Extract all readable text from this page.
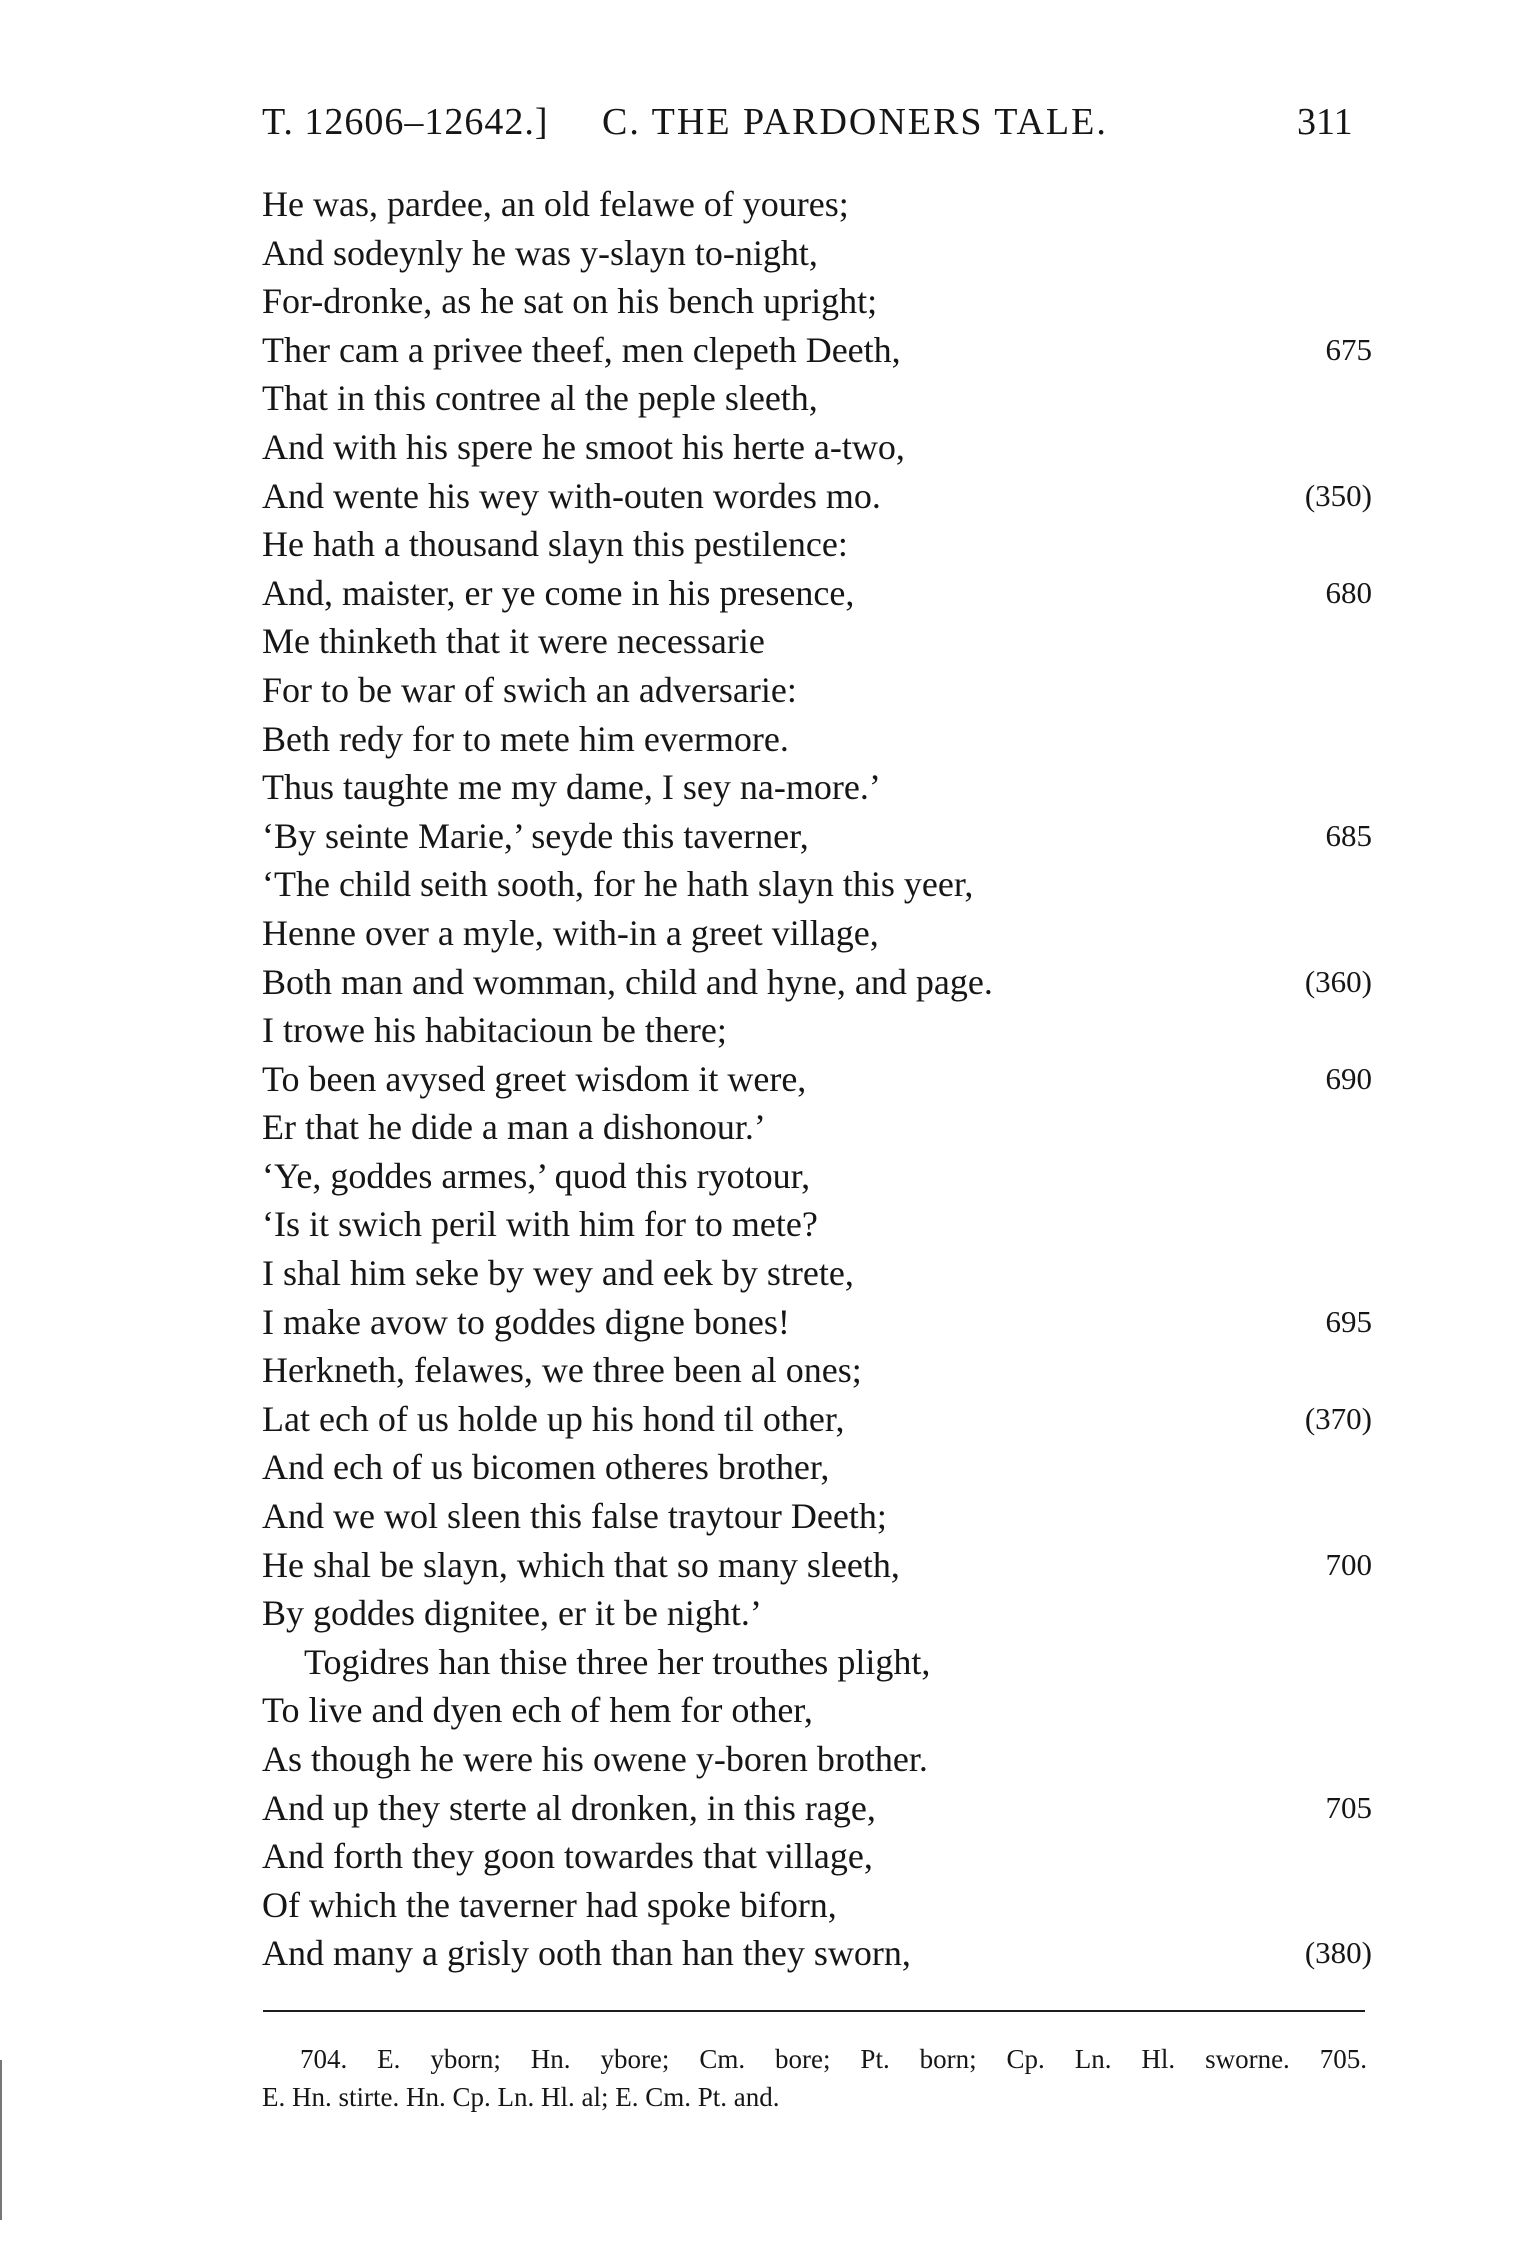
T. 12606–12642.] C. THE PARDONERS TALE.	311
He was, pardee, an old felawe of youres;
And sodeynly he was y-slayn to-night,
For-dronke, as he sat on his bench upright;
Ther cam a privee theef, men clepeth Deeth,	675
That in this contree al the peple sleeth,
And with his spere he smoot his herte a-two,
And wente his wey with-outen wordes mo.	(350)
He hath a thousand slayn this pestilence:
And, maister, er ye come in his presence,	680
Me thinketh that it were necessarie
For to be war of swich an adversarie:
Beth redy for to mete him evermore.
Thus taughte me my dame, I sey na-more.’
‘By seinte Marie,’ seyde this taverner,	685
‘The child seith sooth, for he hath slayn this yeer,
Henne over a myle, with-in a greet village,
Both man and womman, child and hyne, and page.	(360)
I trowe his habitacioun be there;
To been avysed greet wisdom it were,	690
Er that he dide a man a dishonour.’
‘Ye, goddes armes,’ quod this ryotour,
‘Is it swich peril with him for to mete?
I shal him seke by wey and eek by strete,
I make avow to goddes digne bones!	695
Herkneth, felawes, we three been al ones;
Lat ech of us holde up his hond til other,	(370)
And ech of us bicomen otheres brother,
And we wol sleen this false traytour Deeth;
He shal be slayn, which that so many sleeth,	700
By goddes dignitee, er it be night.’
Togidres han thise three her trouthes plight,
To live and dyen ech of hem for other,
As though he were his owene y-boren brother.
And up they sterte al dronken, in this rage,	705
And forth they goon towardes that village,
Of which the taverner had spoke biforn,
And many a grisly ooth than han they sworn,	(380)

704. E. yborn; Hn. ybore; Cm. bore; Pt. born; Cp. Ln. Hl. sworne. 705.

E. Hn. stirte. Hn. Cp. Ln. Hl. al; E. Cm. Pt. and.
